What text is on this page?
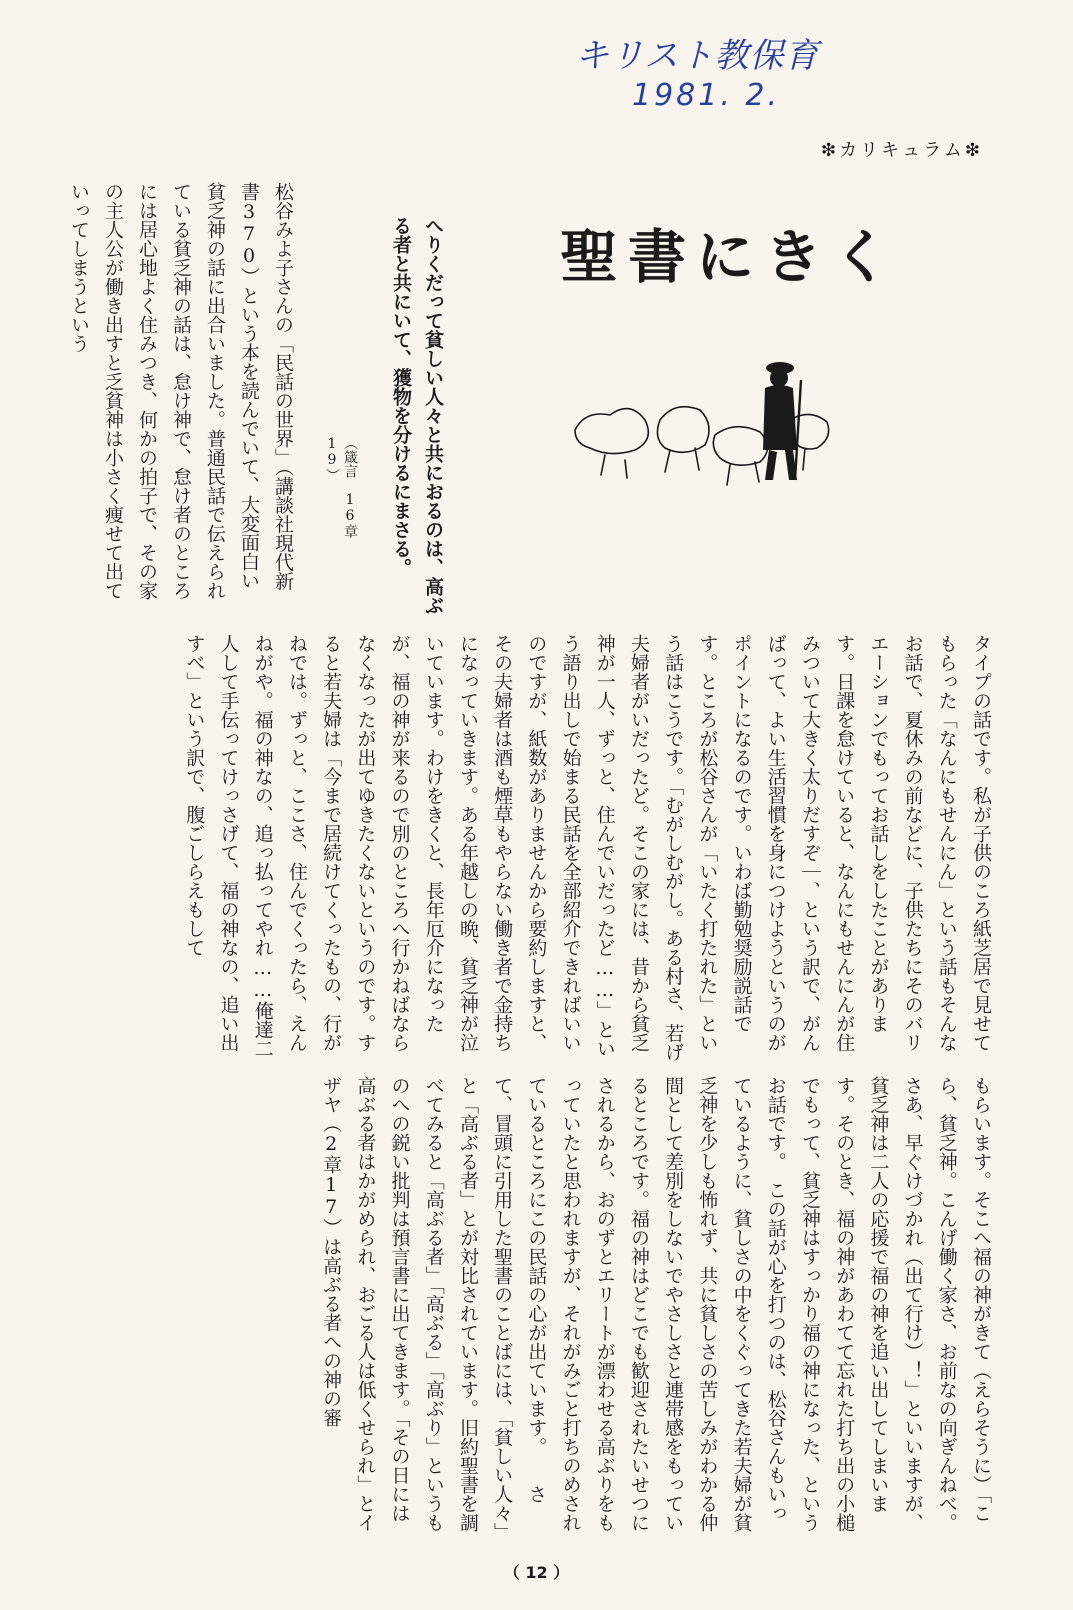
キリスト教保育
1981. 2.
❇カリキュラム❇
聖書にきく
へりくだって貧しい人々と共におるのは、高ぶる者と共にいて、獲物を分けるにまさる。
（箴言　16章19）
松谷みよ子さんの「民話の世界」（講談社現代新書370）という本を読んでいて、大変面白い貧乏神の話に出合いました。普通民話で伝えられている貧乏神の話は、怠け神で、怠け者のところには居心地よく住みつき、何かの拍子で、その家の主人公が働き出すと乏貧神は小さく痩せて出ていってしまうという
タイプの話です。私が子供のころ紙芝居で見せてもらった「なんにもせんにん」という話もそんなお話で、夏休みの前などに、子供たちにそのバリエーションでもってお話しをしたことがあります。日課を怠けていると、なんにもせんにんが住みついて大きく太りだすぞ｜、という訳で、がんばって、よい生活習慣を身につけようというのがポイントになるのです。いわば勤勉奨励説話です。ところが松谷さんが「いたく打たれた」という話はこうです。「むがしむがし。ある村さ、若げ夫婦者がいだったど。そこの家には、昔から貧乏神が一人、ずっと、住んでいだったど……」という語り出しで始まる民話を全部紹介できればいいのですが、紙数がありませんから要約しますと、その夫婦者は酒も煙草もやらない働き者で金持ちになっていきます。ある年越しの晩、貧乏神が泣いています。わけをきくと、長年厄介になったが、福の神が来るので別のところへ行かねばならなくなったが出てゆきたくないというのです。すると若夫婦は「今まで居続けてくったもの、行がねでは。ずっと、ここさ、住んでくったら、えんねがや。福の神なの、追っ払ってやれ……俺達二人して手伝ってけっさげて、福の神なの、追い出すべ」という訳で、腹ごしらえもして
もらいます。そこへ福の神がきて（えらそうに）「こら、貧乏神。こんげ働く家さ、お前なの向ぎんねべ。さあ、早ぐけづかれ（出て行け）！」といいますが、貧乏神は二人の応援で福の神を追い出してしまいます。そのとき、福の神があわてて忘れた打ち出の小槌でもって、貧乏神はすっかり福の神になった、というお話です。　この話が心を打つのは、松谷さんもいっているように、貧しさの中をくぐってきた若夫婦が貧乏神を少しも怖れず、共に貧しさの苦しみがわかる仲間として差別をしないでやさしさと連帯感をもっているところです。福の神はどこでも歓迎されたいせつにされるから、おのずとエリートが漂わせる高ぶりをもっていたと思われますが、それがみごと打ちのめされているところにこの民話の心が出ています。　　さて、冒頭に引用した聖書のことばには、「貧しい人々」と「高ぶる者」とが対比されています。旧約聖書を調べてみると「高ぶる者」「高ぶる」「高ぶり」というものへの鋭い批判は預言書に出てきます。「その日には高ぶる者はかがめられ、おごる人は低くせられ」とイザヤ（2章17）は高ぶる者への神の審
（ 12 ）
